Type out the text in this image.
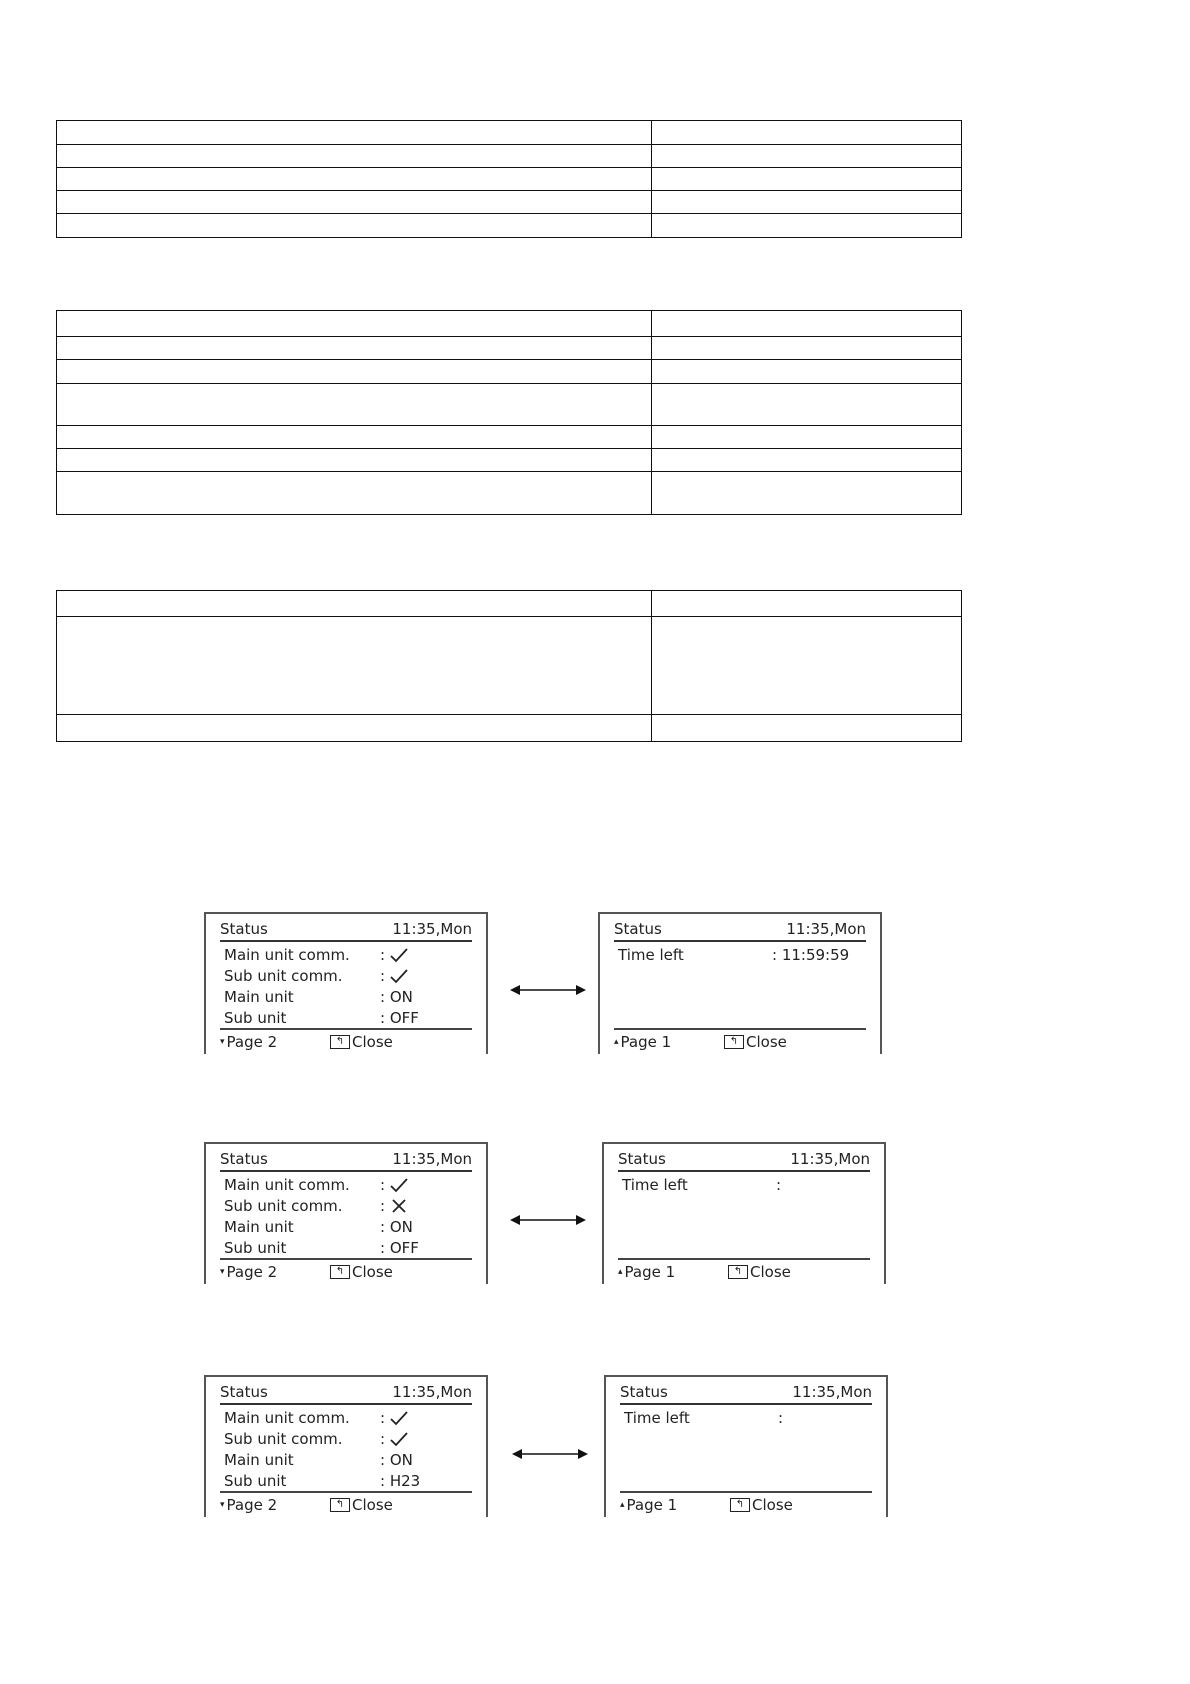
Status	11:35,Mon
Main unit comm.	:
Sub unit comm.	:
Main unit	: ON
Sub unit	: OFF
▾ Page 2	↰ Close
Status	11:35,Mon
Time left	: 11:59:59
▴ Page 1	↰ Close
Status	11:35,Mon
Main unit comm.	:
Sub unit comm.	:
Main unit	: ON
Sub unit	: OFF
▾ Page 2	↰ Close
Status	11:35,Mon
Time left	:
▴ Page 1	↰ Close
Status	11:35,Mon
Main unit comm.	:
Sub unit comm.	:
Main unit	: ON
Sub unit	: H23
▾ Page 2	↰ Close
Status	11:35,Mon
Time left	:
▴ Page 1	↰ Close
